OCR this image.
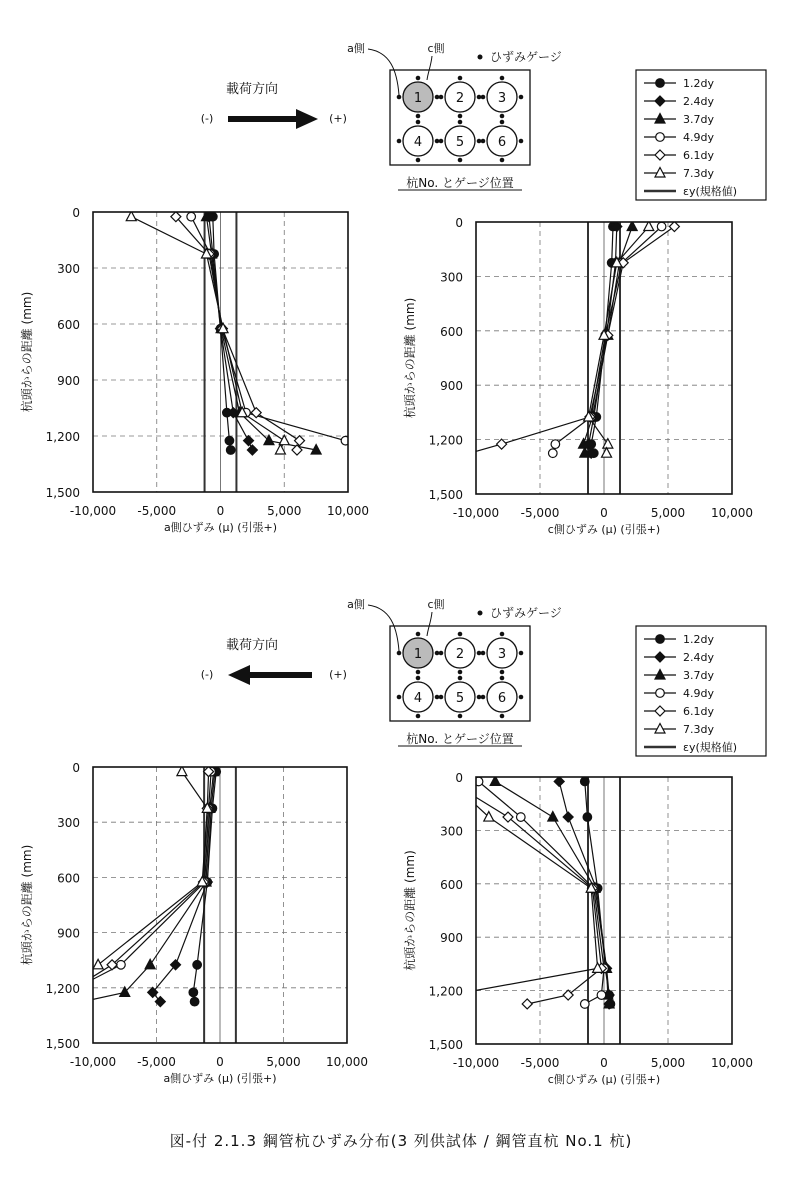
-10,000 -5,000	0	5,000 10,000
0
300
600
900
1,200
1,500
a側ひずみ (μ) (引張+)
杭頭からの距離 (mm)
-10,000 -5,000	0	5,000 10,000
0
300
600
900
1,200
1,500
c側ひずみ (μ) (引張+)
杭頭からの距離 (mm)
-10,000 -5,000	0	5,000 10,000
0
300
600
900
1,200
1,500
a側ひずみ (μ) (引張+)
杭頭からの距離 (mm)
-10,000 -5,000	0	5,000 10,000
0
300
600
900
1,200
1,500
c側ひずみ (μ) (引張+)
杭頭からの距離 (mm)
載荷方向
(-)	(+)
1	2	3
4	5	6
a側	c側
ひずみゲージ
杭No. とゲージ位置
1.2dy
2.4dy
3.7dy
4.9dy
6.1dy
7.3dy
εy(規格値)
載荷方向
(-)	(+)
1	2	3
4	5	6
a側	c側
ひずみゲージ
杭No. とゲージ位置
1.2dy
2.4dy
3.7dy
4.9dy
6.1dy
7.3dy
εy(規格値)
図-付 2.1.3 鋼管杭ひずみ分布(3 列供試体 / 鋼管直杭 No.1 杭)
